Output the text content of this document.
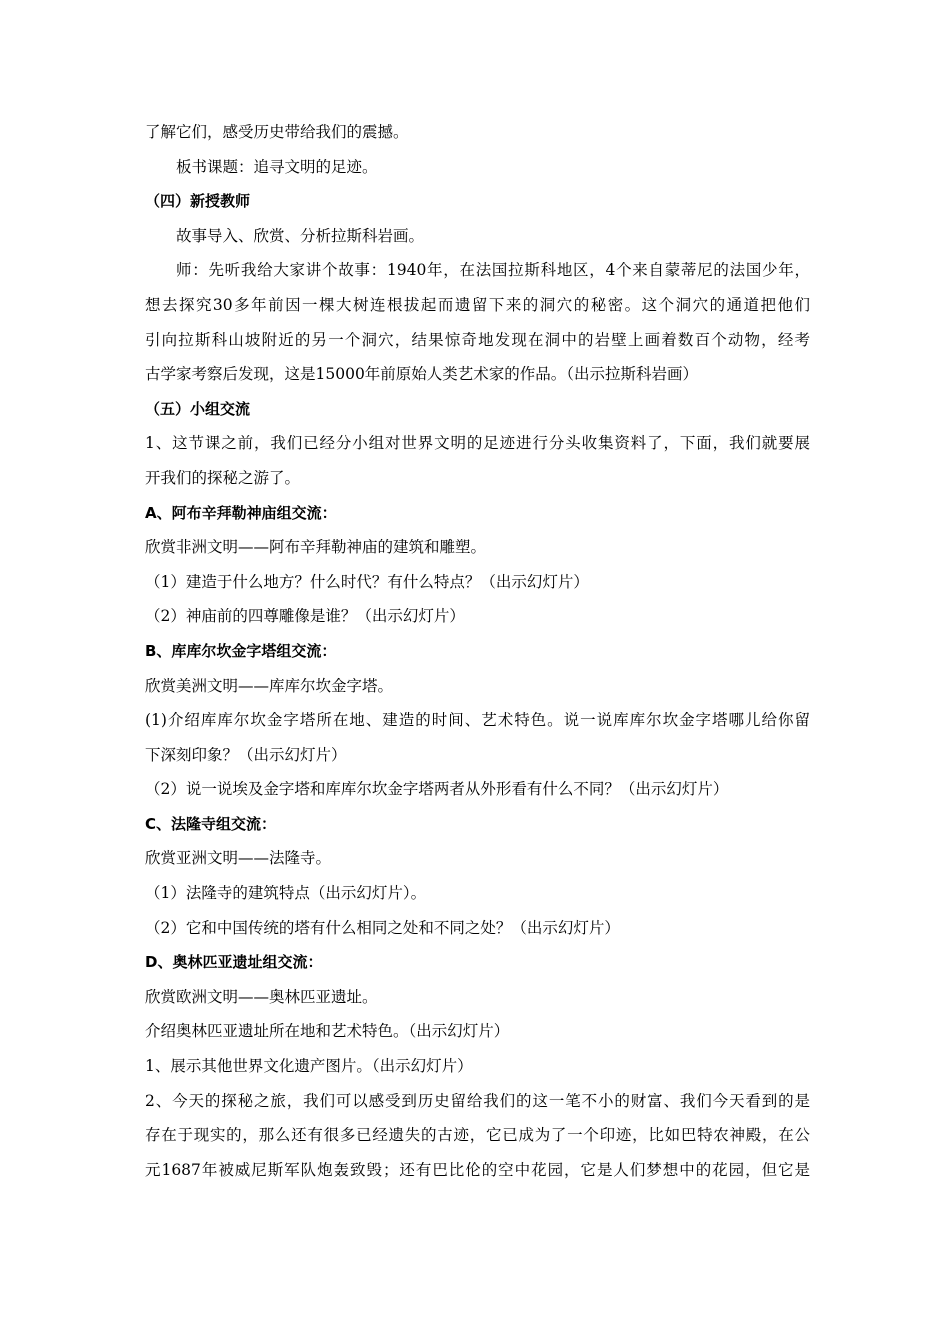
了解它们，感受历史带给我们的震撼。
板书课题：追寻文明的足迹。
（四）新授教师
故事导入、欣赏、分析拉斯科岩画。
师：先听我给大家讲个故事：1940年，在法国拉斯科地区，4个来自蒙蒂尼的法国少年，
想去探究30多年前因一棵大树连根拔起而遗留下来的洞穴的秘密。这个洞穴的通道把他们
引向拉斯科山坡附近的另一个洞穴，结果惊奇地发现在洞中的岩壁上画着数百个动物，经考
古学家考察后发现，这是15000年前原始人类艺术家的作品。（出示拉斯科岩画）
（五）小组交流
1、这节课之前，我们已经分小组对世界文明的足迹进行分头收集资料了，下面，我们就要展
开我们的探秘之游了。
A、阿布辛拜勒神庙组交流：
欣赏非洲文明——阿布辛拜勒神庙的建筑和雕塑。
（1）建造于什么地方？什么时代？有什么特点？（出示幻灯片）
（2）神庙前的四尊雕像是谁？（出示幻灯片）
B、库库尔坎金字塔组交流：
欣赏美洲文明——库库尔坎金字塔。
(1)介绍库库尔坎金字塔所在地、建造的时间、艺术特色。说一说库库尔坎金字塔哪儿给你留
下深刻印象？（出示幻灯片）
（2）说一说埃及金字塔和库库尔坎金字塔两者从外形看有什么不同？（出示幻灯片）
C、法隆寺组交流：
欣赏亚洲文明——法隆寺。
（1）法隆寺的建筑特点（出示幻灯片）。
（2）它和中国传统的塔有什么相同之处和不同之处？（出示幻灯片）
D、奥林匹亚遗址组交流：
欣赏欧洲文明——奥林匹亚遗址。
介绍奥林匹亚遗址所在地和艺术特色。（出示幻灯片）
1、展示其他世界文化遗产图片。（出示幻灯片）
2、今天的探秘之旅，我们可以感受到历史留给我们的这一笔不小的财富、我们今天看到的是
存在于现实的，那么还有很多已经遗失的古迹，它已成为了一个印迹，比如巴特农神殿，在公
元1687年被威尼斯军队炮轰致毁；还有巴比伦的空中花园，它是人们梦想中的花园，但它是
